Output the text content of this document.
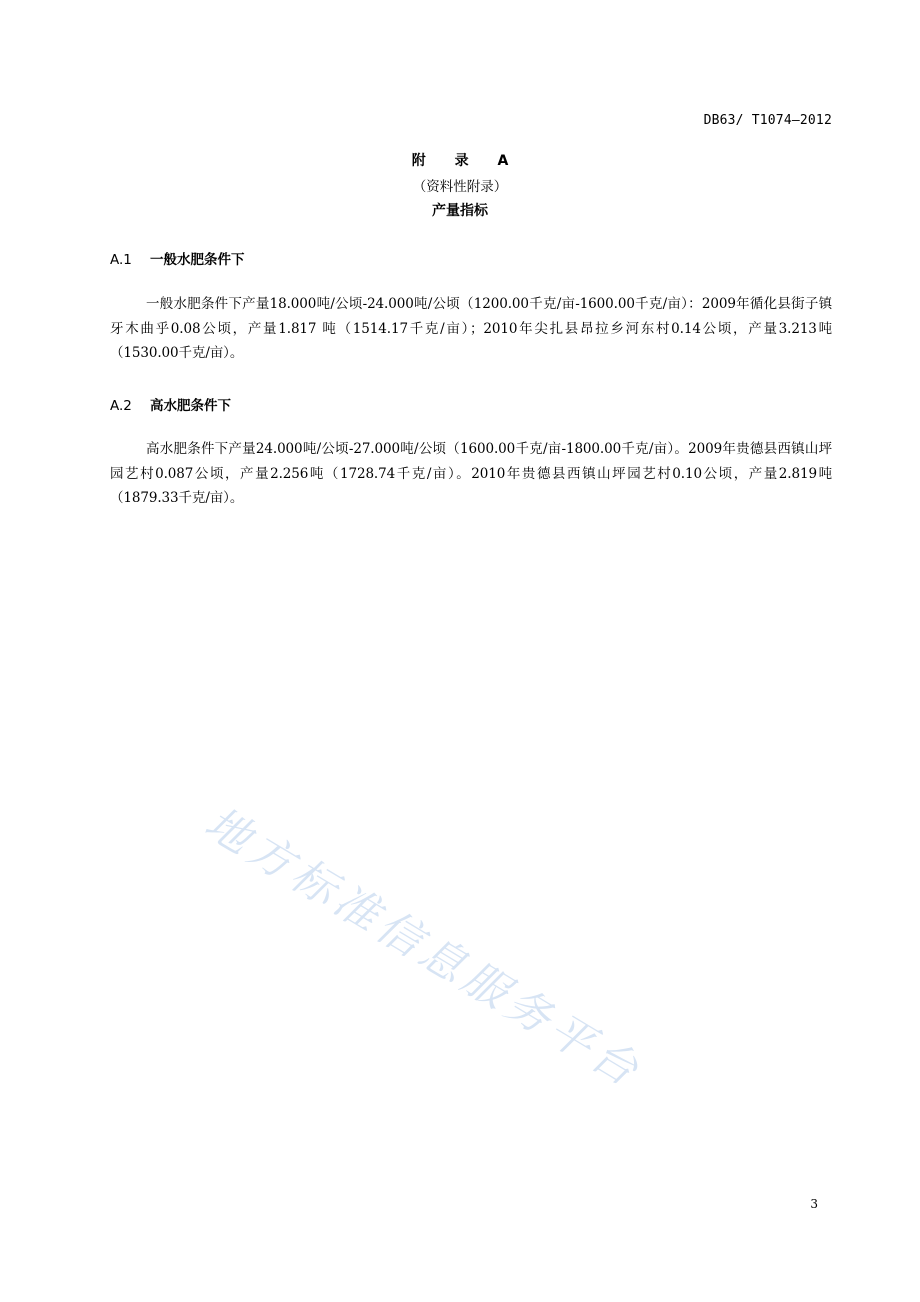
DB63/ T1074—2012
附 录 A
（资料性附录）
产量指标
A.1 一般水肥条件下
一般水肥条件下产量18.000吨/公顷-24.000吨/公顷（1200.00千克/亩-1600.00千克/亩）：2009年循化县街子镇牙木曲乎0.08公顷，产量1.817 吨（1514.17千克/亩）；2010年尖扎县昂拉乡河东村0.14公顷，产量3.213吨（1530.00千克/亩）。
A.2 高水肥条件下
高水肥条件下产量24.000吨/公顷-27.000吨/公顷（1600.00千克/亩-1800.00千克/亩）。2009年贵德县西镇山坪园艺村0.087公顷，产量2.256吨（1728.74千克/亩）。2010年贵德县西镇山坪园艺村0.10公顷，产量2.819吨（1879.33千克/亩）。
地方标准信息服务平台
3
